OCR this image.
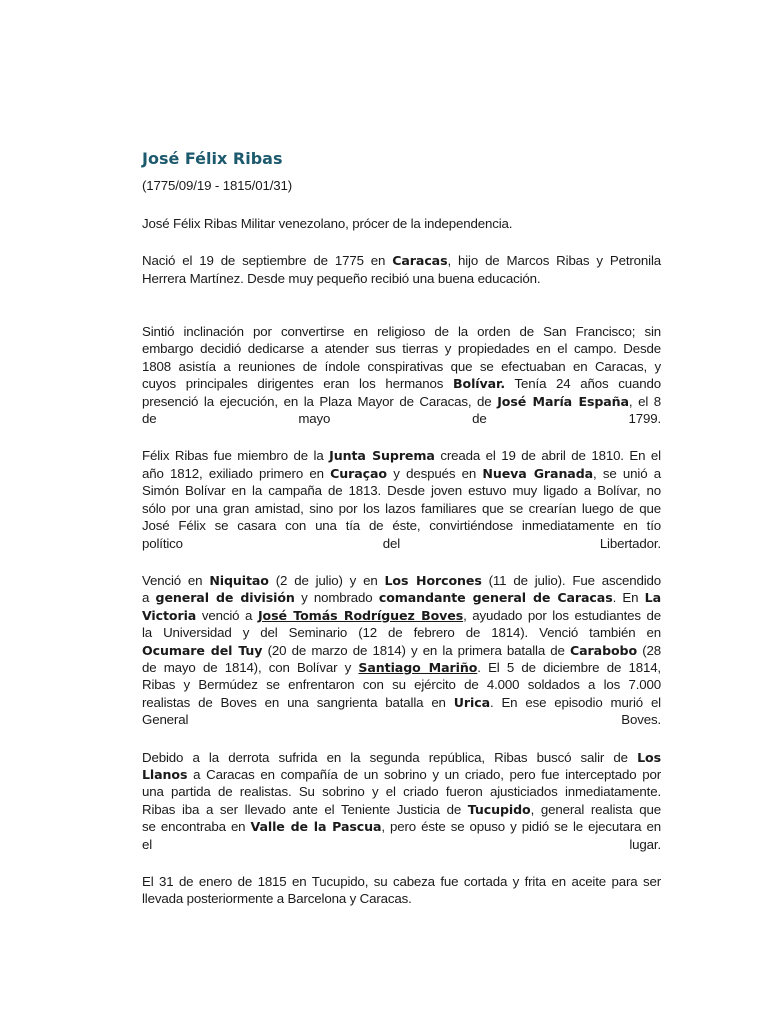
José Félix Ribas
(1775/09/19 - 1815/01/31)
José Félix Ribas Militar venezolano, prócer de la independencia.

Nació el 19 de septiembre de 1775 en Caracas, hijo de Marcos Ribas y Petronila

Herrera Martínez. Desde muy pequeño recibió una buena educación.

Sintió inclinación por convertirse en religioso de la orden de San Francisco; sin

embargo decidió dedicarse a atender sus tierras y propiedades en el campo. Desde

1808 asistía a reuniones de índole conspirativas que se efectuaban en Caracas, y

cuyos principales dirigentes eran los hermanos Bolívar. Tenía 24 años cuando

presenció la ejecución, en la Plaza Mayor de Caracas, de José María España, el 8

de mayo de 1799.

Félix Ribas fue miembro de la Junta Suprema creada el 19 de abril de 1810. En el

año 1812, exiliado primero en Curaçao y después en Nueva Granada, se unió a

Simón Bolívar en la campaña de 1813. Desde joven estuvo muy ligado a Bolívar, no

sólo por una gran amistad, sino por los lazos familiares que se crearían luego de que

José Félix se casara con una tía de éste, convirtiéndose inmediatamente en tío

político del Libertador.

Venció en Niquitao (2 de julio) y en Los Horcones (11 de julio). Fue ascendido

a general de división y nombrado comandante general de Caracas. En La

Victoria venció a José Tomás Rodríguez Boves, ayudado por los estudiantes de

la Universidad y del Seminario (12 de febrero de 1814). Venció también en

Ocumare del Tuy (20 de marzo de 1814) y en la primera batalla de Carabobo (28

de mayo de 1814), con Bolívar y Santiago Mariño. El 5 de diciembre de 1814,

Ribas y Bermúdez se enfrentaron con su ejército de 4.000 soldados a los 7.000

realistas de Boves en una sangrienta batalla en Urica. En ese episodio murió el

General Boves.

Debido a la derrota sufrida en la segunda república, Ribas buscó salir de Los

Llanos a Caracas en compañía de un sobrino y un criado, pero fue interceptado por

una partida de realistas. Su sobrino y el criado fueron ajusticiados inmediatamente.

Ribas iba a ser llevado ante el Teniente Justicia de Tucupido, general realista que

se encontraba en Valle de la Pascua, pero éste se opuso y pidió se le ejecutara en

el lugar.

El 31 de enero de 1815 en Tucupido, su cabeza fue cortada y frita en aceite para ser

llevada posteriormente a Barcelona y Caracas.
